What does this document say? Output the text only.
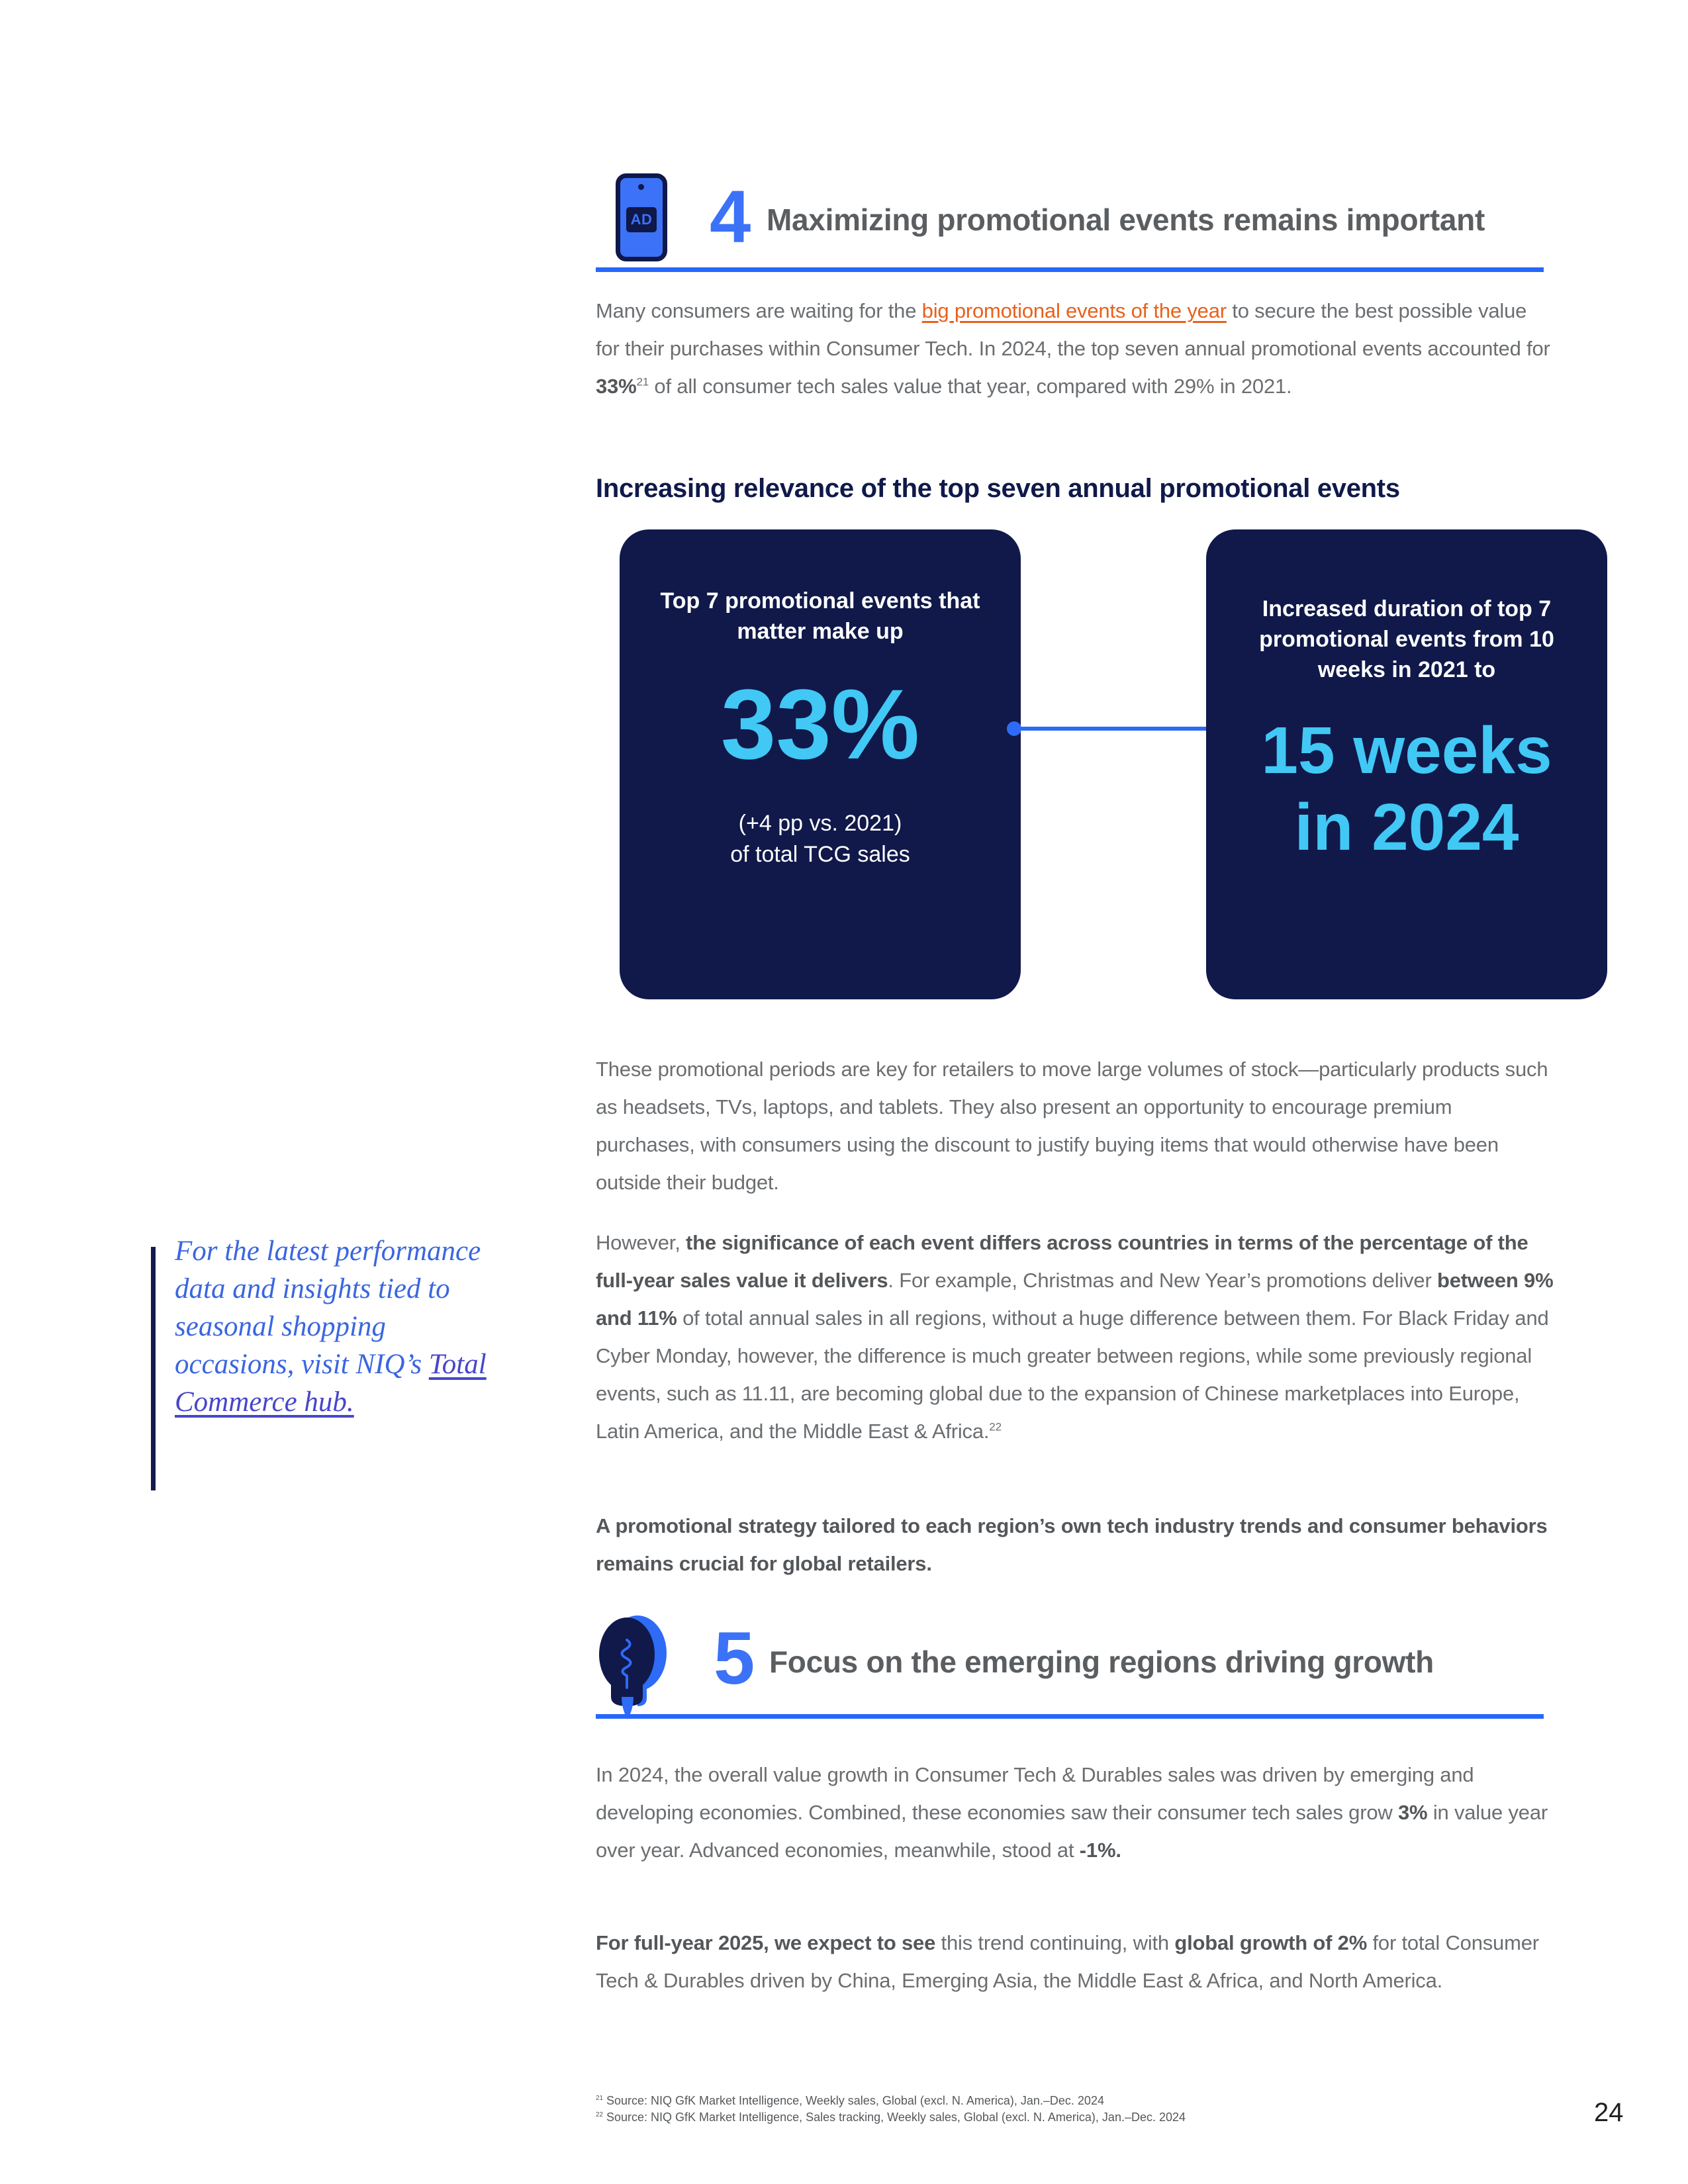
AD 4 Maximizing promotional events remains important

Many consumers are waiting for the big promotional events of the year to secure the best possible value for their purchases within Consumer Tech. In 2024, the top seven annual promotional events accounted for 33%$^{21}$ of all consumer tech sales value that year, compared with 29% in 2021.

Increasing relevance of the top seven annual promotional events
Top 7 promotional events that matter make up
33%
(+4 pp vs. 2021)
of total TCG sales
Increased duration of top 7 promotional events from 10 weeks in 2021 to
15 weeks
in 2024

These promotional periods are key for retailers to move large volumes of stock—particularly products such as headsets, TVs, laptops, and tablets. They also present an opportunity to encourage premium purchases, with consumers using the discount to justify buying items that would otherwise have been outside their budget.

For the latest performance data and insights tied to seasonal shopping occasions, visit NIQ’s Total Commerce hub.

However, the significance of each event differs across countries in terms of the percentage of the full-year sales value it delivers. For example, Christmas and New Year’s promotions deliver between 9% and 11% of total annual sales in all regions, without a huge difference between them. For Black Friday and Cyber Monday, however, the difference is much greater between regions, while some previously regional events, such as 11.11, are becoming global due to the expansion of Chinese marketplaces into Europe, Latin America, and the Middle East & Africa.$^{22}$

A promotional strategy tailored to each region’s own tech industry trends and consumer behaviors remains crucial for global retailers.

5 Focus on the emerging regions driving growth

In 2024, the overall value growth in Consumer Tech & Durables sales was driven by emerging and developing economies. Combined, these economies saw their consumer tech sales grow 3% in value year over year. Advanced economies, meanwhile, stood at -1%.

For full-year 2025, we expect to see this trend continuing, with global growth of 2% for total Consumer Tech & Durables driven by China, Emerging Asia, the Middle East & Africa, and North America.

$^{21}$ Source: NIQ GfK Market Intelligence, Weekly sales, Global (excl. N. America), Jan.–Dec. 2024
$^{22}$ Source: NIQ GfK Market Intelligence, Sales tracking, Weekly sales, Global (excl. N. America), Jan.–Dec. 2024	24
